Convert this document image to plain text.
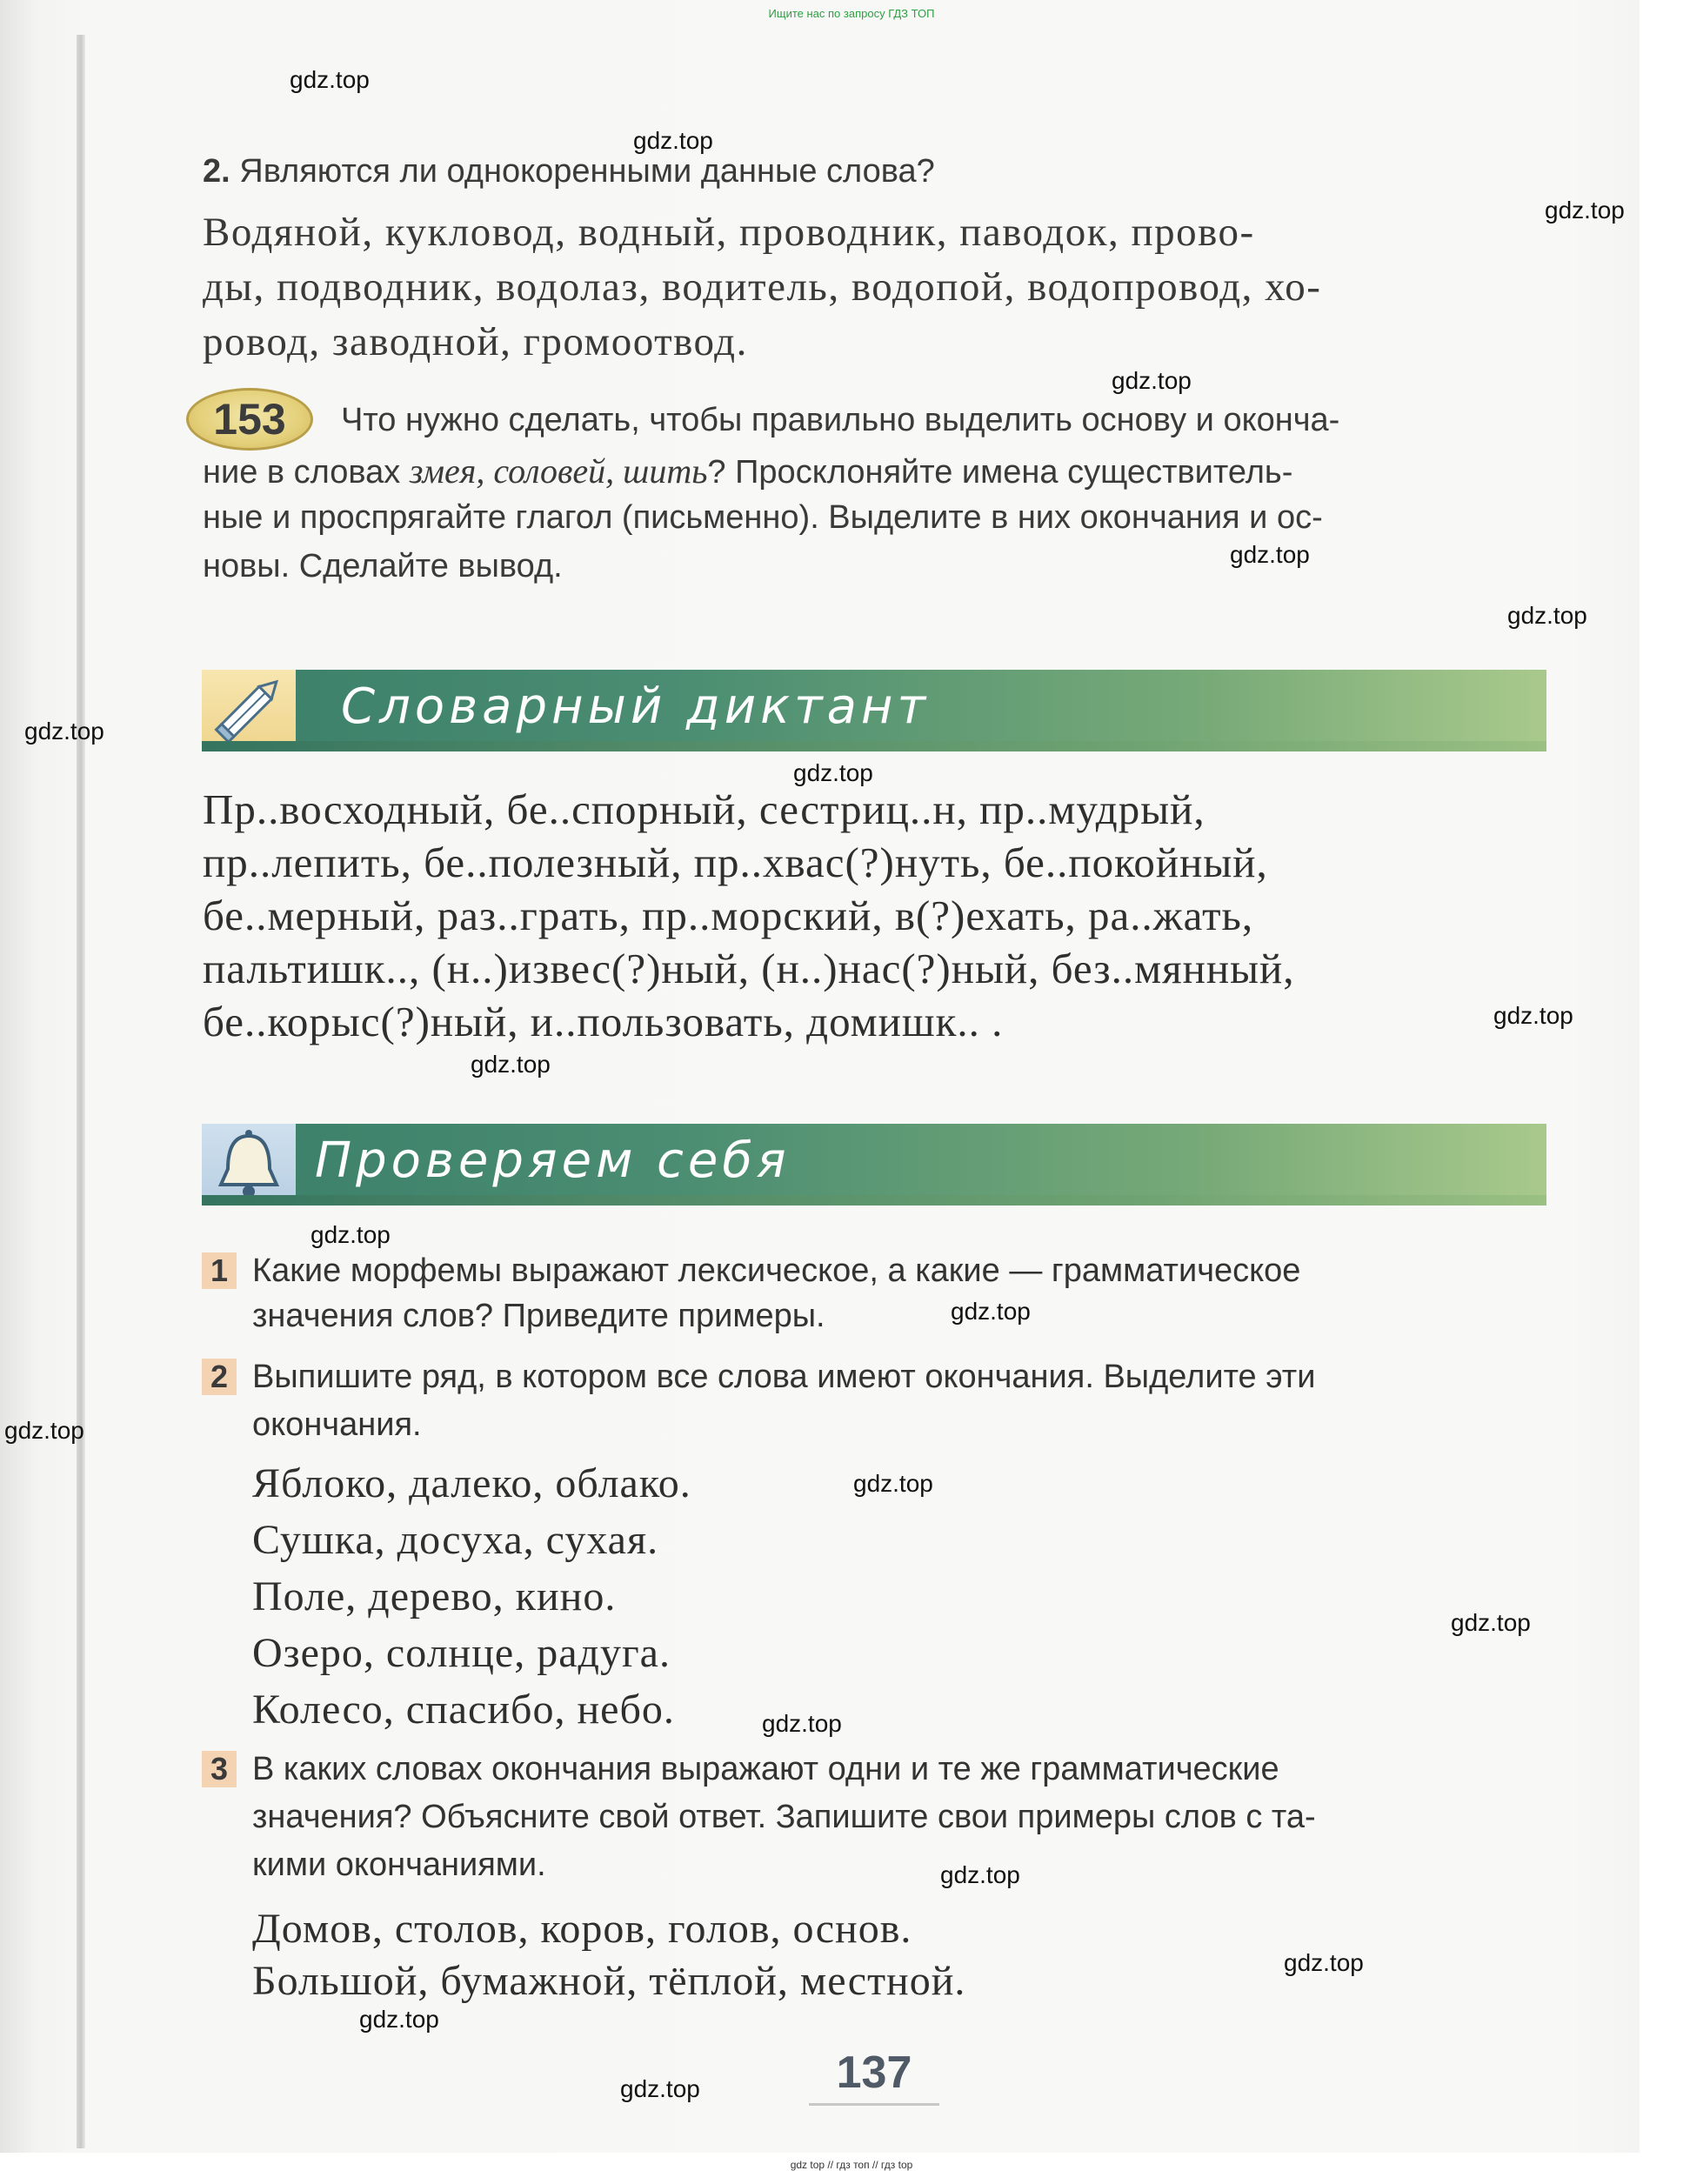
Ищите нас по запросу ГДЗ ТОП
gdz.top
gdz.top
gdz.top
gdz.top
gdz.top
gdz.top
gdz.top
gdz.top
gdz.top
gdz.top
gdz.top
gdz.top
gdz.top
gdz.top
gdz.top
gdz.top
gdz.top
gdz.top
gdz.top
gdz.top
2. Являются ли однокоренными данные слова?
Водяной, кукловод, водный, проводник, паводок, прово-
ды, подводник, водолаз, водитель, водопой, водопровод, хо-
ровод, заводной, громоотвод.
153	Что нужно сделать, чтобы правильно выделить основу и оконча-
ние в словах змея, соловей, шить? Просклоняйте имена существитель-
ные и проспрягайте глагол (письменно). Выделите в них окончания и ос-
новы. Сделайте вывод.
Словарный диктант
Пр..восходный, бе..спорный, сестриц..н, пр..мудрый,
пр..лепить, бе..полезный, пр..хвас(?)нуть, бе..покойный,
бе..мерный, раз..грать, пр..морский, в(?)ехать, ра..жать,
пальтишк.., (н..)извес(?)ный, (н..)нас(?)ный, без..мянный,
бе..корыс(?)ный, и..пользовать, домишк.. .
Проверяем себя
1 Какие морфемы выражают лексическое, а какие — грамматическое
значения слов? Приведите примеры.
2 Выпишите ряд, в котором все слова имеют окончания. Выделите эти
окончания.
Яблоко, далеко, облако.
Сушка, досуха, сухая.
Поле, дерево, кино.
Озеро, солнце, радуга.
Колесо, спасибо, небо.
3 В каких словах окончания выражают одни и те же грамматические
значения? Объясните свой ответ. Запишите свои примеры слов с та-
кими окончаниями.
Домов, столов, коров, голов, основ.
Большой, бумажной, тёплой, местной.
137
gdz top // гдз топ // гдз top
